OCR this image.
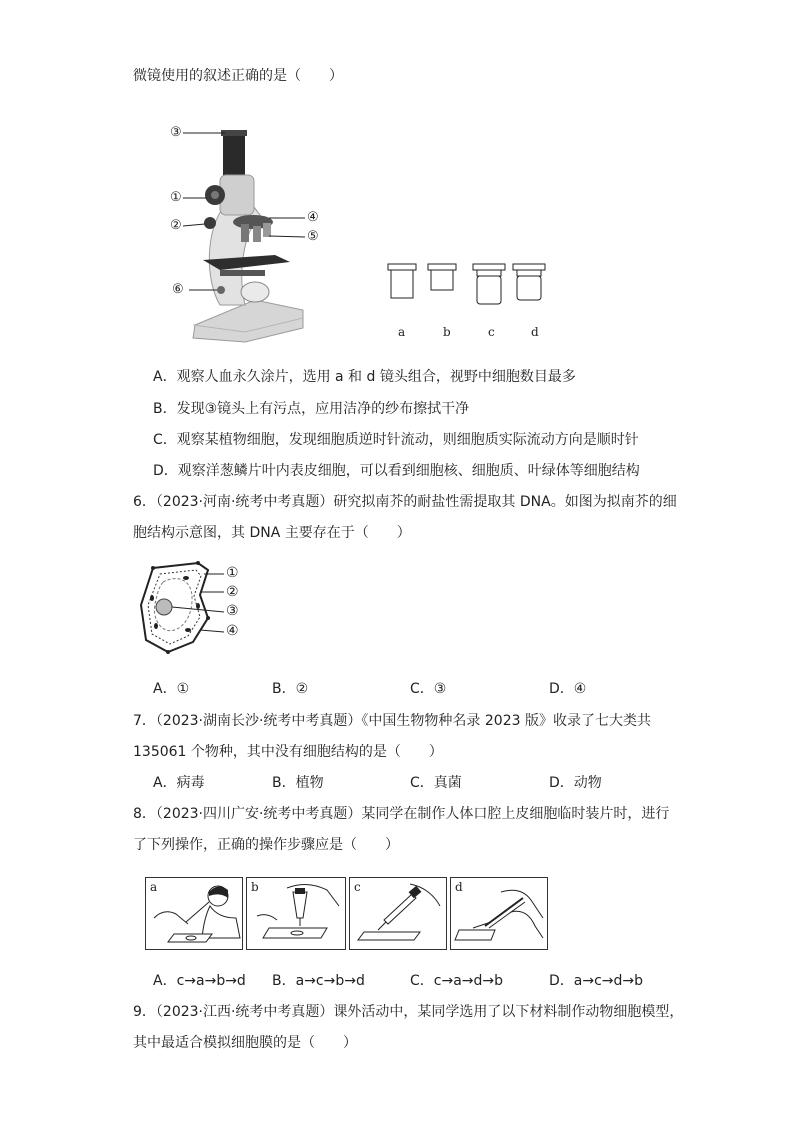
微镜使用的叙述正确的是（　　）
③
①
②
④
⑤
⑥
a	b	c	d
A．观察人血永久涂片，选用 a 和 d 镜头组合，视野中细胞数目最多
B．发现③镜头上有污点，应用洁净的纱布擦拭干净
C．观察某植物细胞，发现细胞质逆时针流动，则细胞质实际流动方向是顺时针
D．观察洋葱鳞片叶内表皮细胞，可以看到细胞核、细胞质、叶绿体等细胞结构
6．（2023·河南·统考中考真题）研究拟南芥的耐盐性需提取其 DNA。如图为拟南芥的细
胞结构示意图，其 DNA 主要存在于（　　）
①
②
③
④
A．①	B．②	C．③	D．④
7．（2023·湖南长沙·统考中考真题）《中国生物物种名录 2023 版》收录了七大类共
135061 个物种，其中没有细胞结构的是（　　）
A．病毒	B．植物	C．真菌	D．动物
8．（2023·四川广安·统考中考真题）某同学在制作人体口腔上皮细胞临时装片时，进行
了下列操作，正确的操作步骤应是（　　）
a	b	c	d
A．c→a→b→d B．a→c→b→d	C．c→a→d→b	D．a→c→d→b
9．（2023·江西·统考中考真题）课外活动中，某同学选用了以下材料制作动物细胞模型，
其中最适合模拟细胞膜的是（　　）
